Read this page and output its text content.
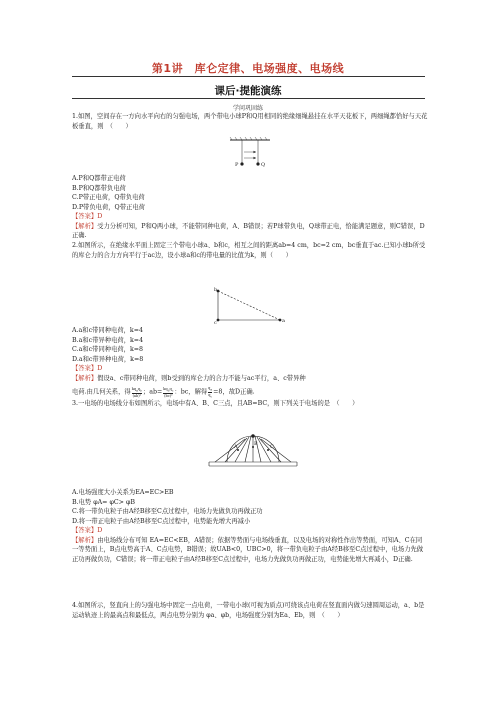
第1讲　库仑定律、电场强度、电场线
课后·提能演练
学问巩固练
1.如图，空间存在一方向水平向右的匀强电场，两个带电小球P和Q用相同的绝缘细绳悬挂在水平天花板下，两细绳都恰好与天花板垂直，则　（　　）
P	Q
A.P和Q都带正电荷
B.P和Q都带负电荷
C.P带正电荷，Q带负电荷
D.P带负电荷，Q带正电荷
【答案】D
【解析】受力分析可知，P和Q两小球，不能带同种电荷，A、B错误；若P球带负电，Q球带正电，恰能满足题意，则C错误，D正确.
2.如图所示，在绝缘水平面上固定三个带电小球a、b和c，相互之间的距离ab=4 cm，bc=2 cm，bc垂直于ac.已知小球b所受的库仑力的合力方向平行于ac边，设小球a和c的带电量的比值为k，则（　　）
b
c	a
A.a和c带同种电荷，k=4
B.a和c带异种电荷，k=4
C.a和c带同种电荷，k=8
D.a和c带异种电荷，k=8
【答案】D
【解析】假设a、c带同种电荷，则b受到的库仑力的合力不能与ac平行，a、c带异种
电荷.由几何关系，得 $kq_aq_b$
(ab)² ；$ab= kq_bq_c$
(bc)² ：bc，解得 $\frac{q_a}{q_c} =8$，故D正确.
3.一电场的电场线分布如图所示，电场中有A、B、C三点，且AB=BC，则下列关于电场的是　（　　）
A	B C
A.电场强度大小关系为EA=EC>EB
B.电势 φA= φC> φB
C.将一带负电粒子由A经B移至C点过程中，电场力先做负功再做正功
D.将一带正电粒子由A经B移至C点过程中，电势能先增大再减小
【答案】D
【解析】由电场线分布可知 EA=EC<EB，A错误；依据等势面与电场线垂直，以及电场的对称性作出等势面，可知A、C在同一等势面上，B点电势高于A、C点电势，B错误；故UAB<0，UBC>0，将一带负电粒子由A经B移至C点过程中，电场力先做正功再做负功，C错误；将一带正电粒子由A经B移至C点过程中，电场力先做负功再做正功，电势能先增大再减小，D正确.
4.如图所示，竖直向上的匀强电场中固定一点电荷，一带电小球(可视为质点)可绕该点电荷在竖直面内做匀速圆周运动，a、b是运动轨迹上的最高点和最低点，两点电势分别为 φa、φb，电场强度分别为Ea、Eb，则　（　　）
